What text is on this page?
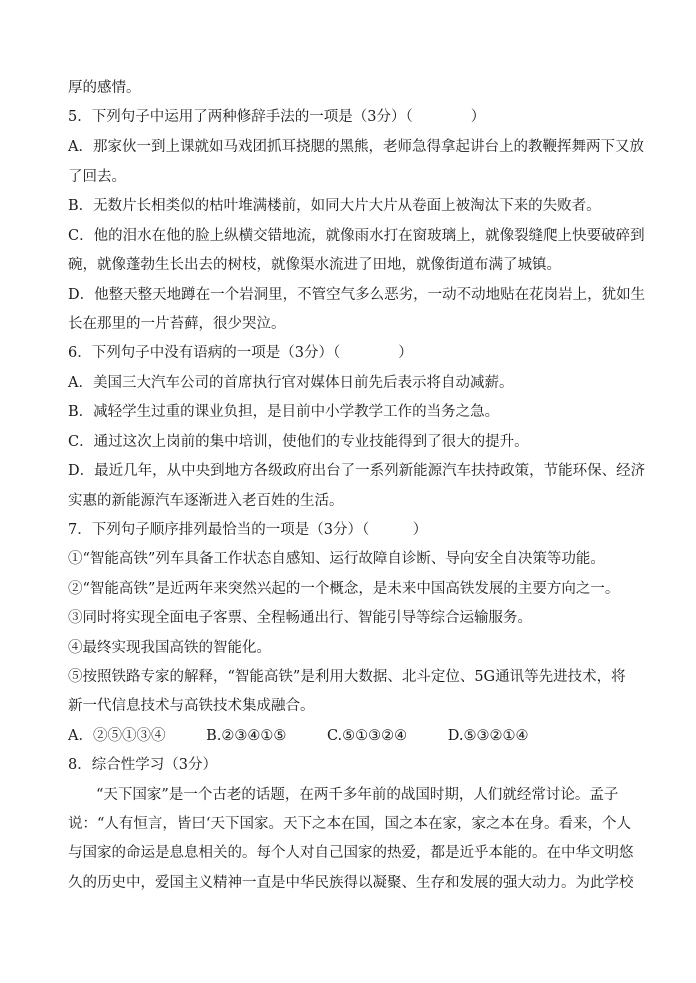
厚的感情。
5．下列句子中运用了两种修辞手法的一项是（3分）（　　　　）
A．那家伙一到上课就如马戏团抓耳挠腮的黑熊，老师急得拿起讲台上的教鞭挥舞两下又放
了回去。
B．无数片长相类似的枯叶堆满楼前，如同大片大片从卷面上被淘汰下来的失败者。
C．他的泪水在他的脸上纵横交错地流，就像雨水打在窗玻璃上，就像裂缝爬上快要破碎到
碗，就像蓬勃生长出去的树枝，就像渠水流进了田地，就像街道布满了城镇。
D．他整天整天地蹲在一个岩洞里，不管空气多么恶劣，一动不动地贴在花岗岩上，犹如生
长在那里的一片苔藓，很少哭泣。
6．下列句子中没有语病的一项是（3分）（　　　　）
A．美国三大汽车公司的首席执行官对媒体日前先后表示将自动减薪。
B．减轻学生过重的课业负担，是目前中小学教学工作的当务之急。
C．通过这次上岗前的集中培训，使他们的专业技能得到了很大的提升。
D．最近几年，从中央到地方各级政府出台了一系列新能源汽车扶持政策，节能环保、经济
实惠的新能源汽车逐渐进入老百姓的生活。
7．下列句子顺序排列最恰当的一项是（3分）（　　　）
①“智能高铁”列车具备工作状态自感知、运行故障自诊断、导向安全自决策等功能。
②“智能高铁”是近两年来突然兴起的一个概念，是未来中国高铁发展的主要方向之一。
③同时将实现全面电子客票、全程畅通出行、智能引导等综合运输服务。
④最终实现我国高铁的智能化。
⑤按照铁路专家的解释，“智能高铁”是利用大数据、北斗定位、5G通讯等先进技术，将
新一代信息技术与高铁技术集成融合。
A．②⑤①③④	B.②③④①⑤	C.⑤①③②④	D.⑤③②①④
8．综合性学习（3分）
“天下国家”是一个古老的话题，在两千多年前的战国时期，人们就经常讨论。孟子
说：“人有恒言，皆曰‘天下国家。天下之本在国，国之本在家，家之本在身。看来，个人
与国家的命运是息息相关的。每个人对自己国家的热爱，都是近乎本能的。在中华文明悠
久的历史中，爱国主义精神一直是中华民族得以凝聚、生存和发展的强大动力。为此学校
